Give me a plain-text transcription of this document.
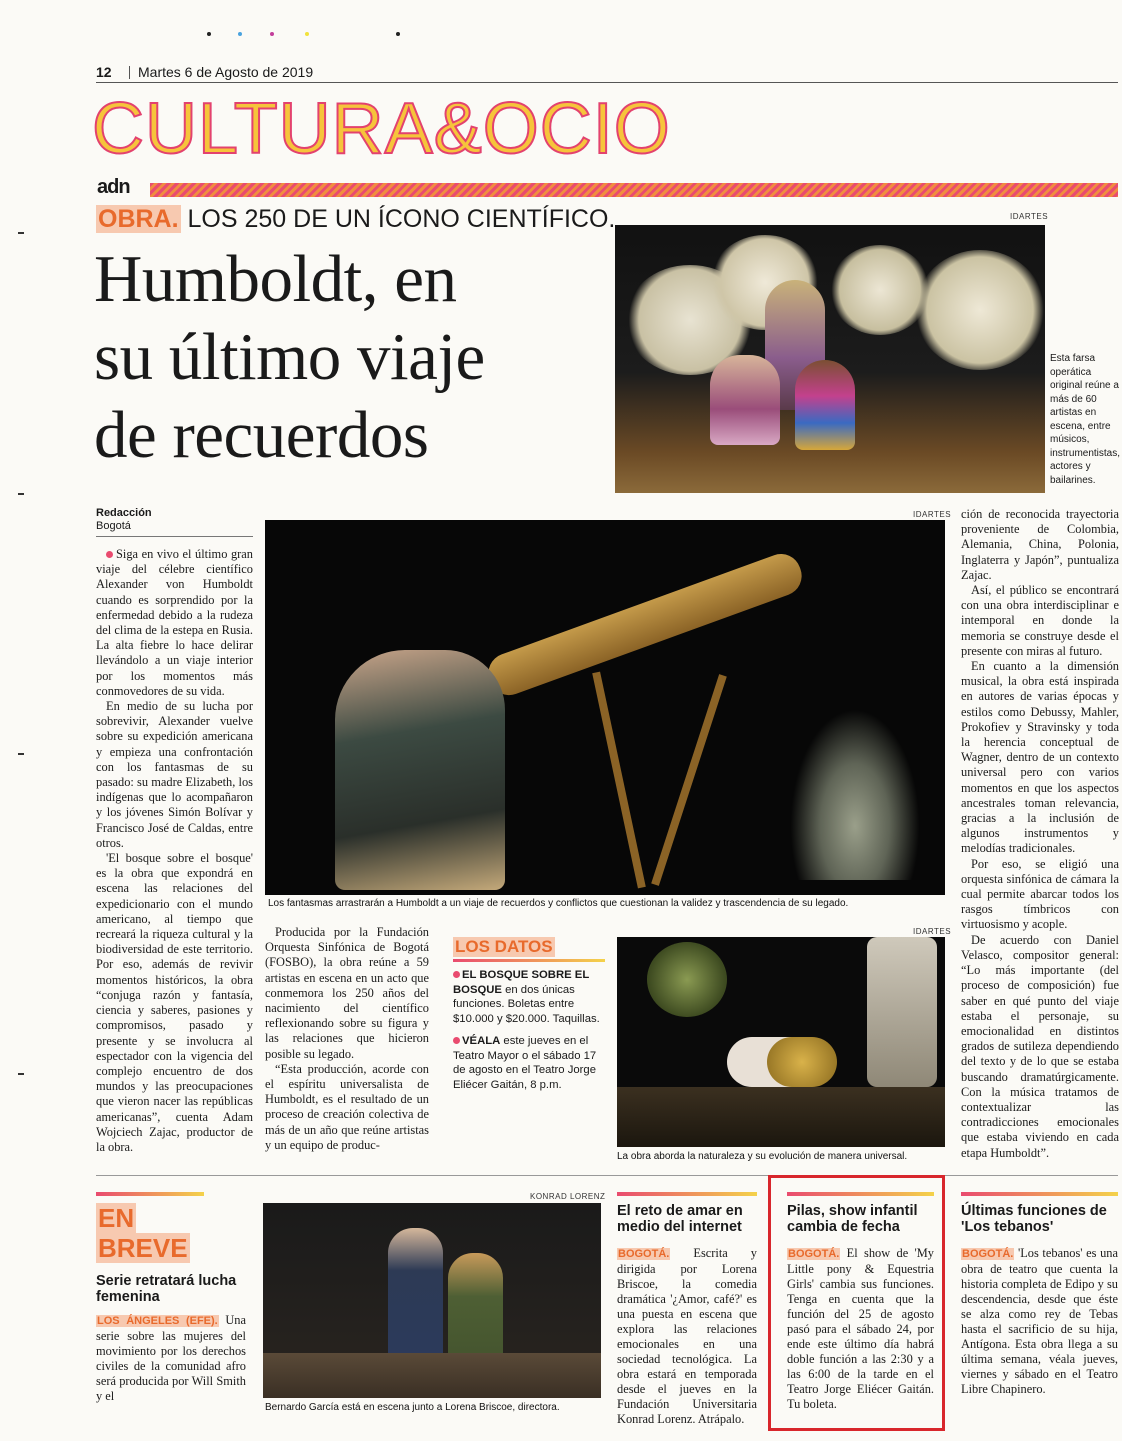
12 Martes 6 de Agosto de 2019
CULTURA&OCIO
adn
OBRA. LOS 250 DE UN ÍCONO CIENTÍFICO.
Humboldt, en
su último viaje
de recuerdos
IDARTES
Esta farsa operática original reúne a más de 60 artistas en escena, entre músicos, instrumentistas, actores y bailarines.
Redacción
Bogotá

Siga en vivo el último gran viaje del célebre científico Alexander von Humboldt cuando es sorprendido por la enfermedad debido a la rudeza del clima de la estepa en Rusia. La alta fiebre lo hace delirar llevándolo a un viaje interior por los momentos más conmovedores de su vida.

En medio de su lucha por sobrevivir, Alexander vuelve sobre su expedición americana y empieza una confrontación con los fantasmas de su pasado: su madre Elizabeth, los indígenas que lo acompañaron y los jóvenes Simón Bolívar y Francisco José de Caldas, entre otros.

'El bosque sobre el bosque' es la obra que expondrá en escena las relaciones del expedicionario con el mundo americano, al tiempo que recreará la riqueza cultural y la biodiversidad de este territorio. Por eso, además de revivir momentos históricos, la obra “conjuga razón y fantasía, ciencia y saberes, pasiones y compromisos, pasado y presente y se involucra al espectador con la vigencia del complejo encuentro de dos mundos y las preocupaciones que vieron nacer las repúblicas americanas”, cuenta Adam Wojciech Zajac, productor de la obra.

IDARTES
Los fantasmas arrastrarán a Humboldt a un viaje de recuerdos y conflictos que cuestionan la validez y trascendencia de su legado.

Producida por la Fundación Orquesta Sinfónica de Bogotá (FOSBO), la obra reúne a 59 artistas en escena en un acto que conmemora los 250 años del nacimiento del científico reflexionando sobre su figura y las relaciones que hicieron posible su legado.

“Esta producción, acorde con el espíritu universalista de Humboldt, es el resultado de un proceso de creación colectiva de más de un año que reúne artistas y un equipo de produc-

LOS DATOS
EL BOSQUE SOBRE EL BOSQUE en dos únicas funciones. Boletas entre $10.000 y $20.000. Taquillas.
VÉALA este jueves en el Teatro Mayor o el sábado 17 de agosto en el Teatro Jorge Eliécer Gaitán, 8 p.m.
IDARTES
La obra aborda la naturaleza y su evolución de manera universal.

ción de reconocida trayectoria proveniente de Colombia, Alemania, China, Polonia, Inglaterra y Japón”, puntualiza Zajac.

Así, el público se encontrará con una obra interdisciplinar e intemporal en donde la memoria se construye desde el presente con miras al futuro.

En cuanto a la dimensión musical, la obra está inspirada en autores de varias épocas y estilos como Debussy, Mahler, Prokofiev y Stravinsky y toda la herencia conceptual de Wagner, dentro de un contexto universal pero con varios momentos en que los aspectos ancestrales toman relevancia, gracias a la inclusión de algunos instrumentos y melodías tradicionales.

Por eso, se eligió una orquesta sinfónica de cámara la cual permite abarcar todos los rasgos tímbricos con virtuosismo y acople.

De acuerdo con Daniel Velasco, compositor general: “Lo más importante (del proceso de composición) fue saber en qué punto del viaje estaba el personaje, su emocionalidad en distintos grados de sutileza dependiendo del texto y de lo que se estaba buscando dramatúrgicamente. Con la música tratamos de contextualizar las contradicciones emocionales que estaba viviendo en cada etapa Humboldt”.

EN
BREVE
Serie retratará lucha femenina
LOS ÁNGELES (EFE). Una serie sobre las mujeres del movimiento por los derechos civiles de la comunidad afro será producida por Will Smith y el
KONRAD LORENZ
Bernardo García está en escena junto a Lorena Briscoe, directora.
El reto de amar en medio del internet
BOGOTÁ. Escrita y dirigida por Lorena Briscoe, la comedia dramática '¿Amor, café?' es una puesta en escena que explora las relaciones emocionales en una sociedad tecnológica. La obra estará en temporada desde el jueves en la Fundación Universitaria Konrad Lorenz. Atrápalo.
Pilas, show infantil cambia de fecha
BOGOTÁ. El show de 'My Little pony & Equestria Girls' cambia sus funciones. Tenga en cuenta que la función del 25 de agosto pasó para el sábado 24, por ende este último día habrá doble función a las 2:30 y a las 6:00 de la tarde en el Teatro Jorge Eliécer Gaitán. Tu boleta.
Últimas funciones de 'Los tebanos'
BOGOTÁ. 'Los tebanos' es una obra de teatro que cuenta la historia completa de Edipo y su descendencia, desde que éste se alza como rey de Tebas hasta el sacrificio de su hija, Antígona. Esta obra llega a su última semana, véala jueves, viernes y sábado en el Teatro Libre Chapinero.
